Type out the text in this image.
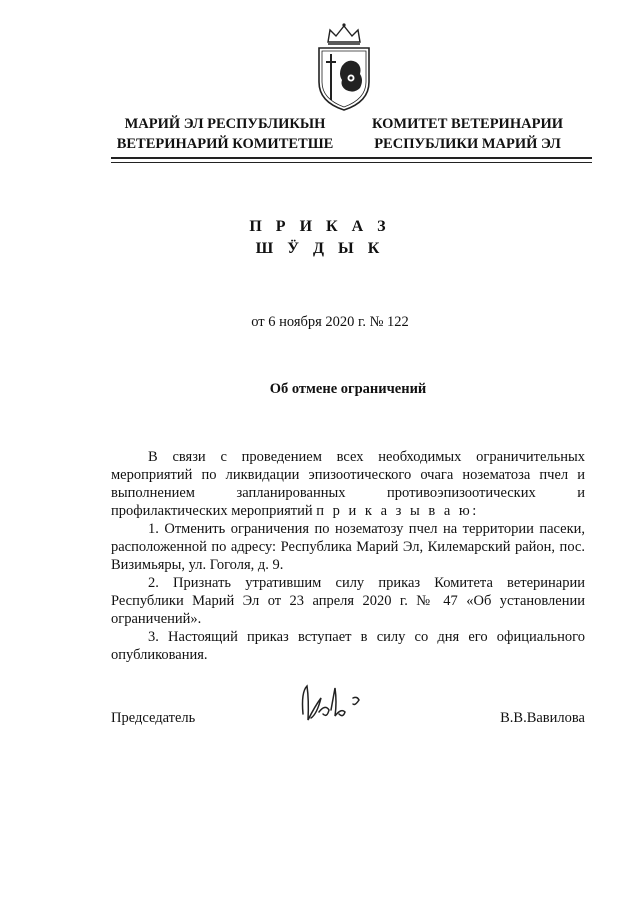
МАРИЙ ЭЛ РЕСПУБЛИКЫН
ВЕТЕРИНАРИЙ КОМИТЕТШЕ
КОМИТЕТ ВЕТЕРИНАРИИ
РЕСПУБЛИКИ МАРИЙ ЭЛ
П Р И К А З
Ш Ӱ Д Ы К
от 6 ноября 2020 г. № 122
Об отмене ограничений

В связи с проведением всех необходимых ограничительных мероприятий по ликвидации эпизоотического очага нозематоза пчел и выполнением запланированных противоэпизоотических и профилактических мероприятий п р и к а з ы в а ю:

1. Отменить ограничения по нозематозу пчел на территории пасеки, расположенной по адресу: Республика Марий Эл, Килемарский район, пос. Визимьяры, ул. Гоголя, д. 9.

2. Признать утратившим силу приказ Комитета ветеринарии Республики Марий Эл от 23 апреля 2020 г. № 47 «Об установлении ограничений».

3. Настоящий приказ вступает в силу со дня его официального опубликования.

Председатель	В.В.Вавилова
